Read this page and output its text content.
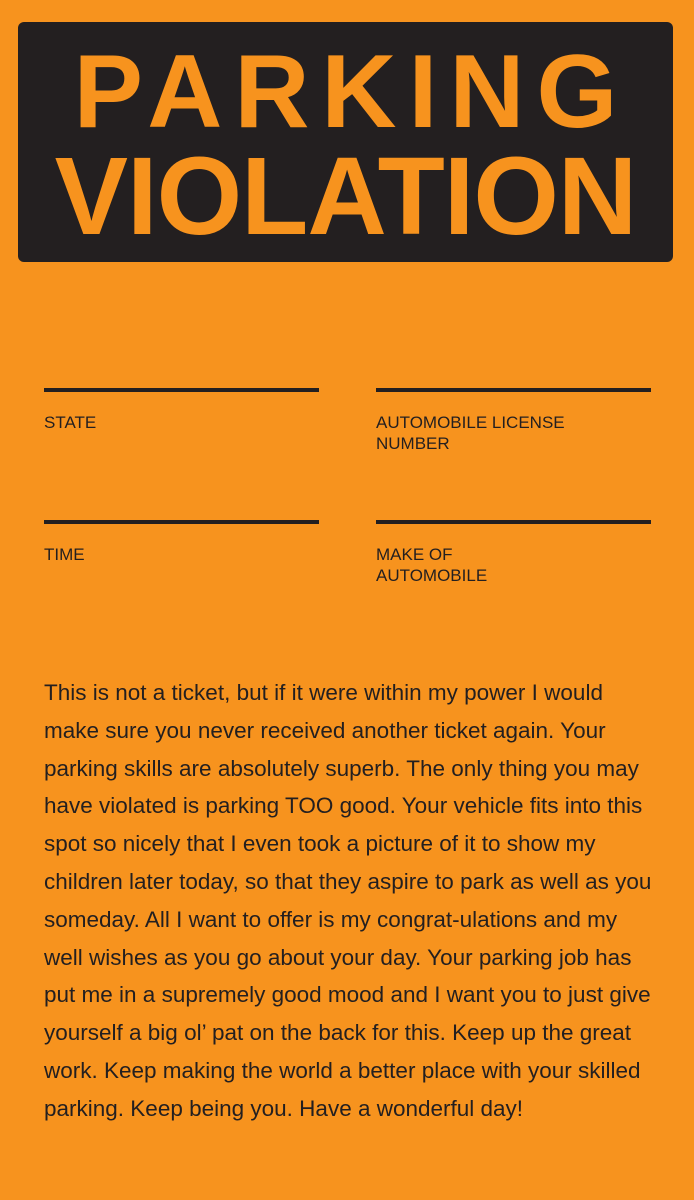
PARKING
VIOLATION
STATE	AUTOMOBILE LICENSE
NUMBER
TIME	MAKE OF
AUTOMOBILE

This is not a ticket, but if it were within my power I would make sure you never received another ticket again. Your parking skills are absolutely superb. The only thing you may have violated is parking TOO good. Your vehicle fits into this spot so nicely that I even took a picture of it to show my children later today, so that they aspire to park as well as you someday. All I want to offer is my congrat-ulations and my well wishes as you go about your day. Your parking job has put me in a supremely good mood and I want you to just give yourself a big ol’ pat on the back for this. Keep up the great work. Keep making the world a better place with your skilled parking. Keep being you. Have a wonderful day!
